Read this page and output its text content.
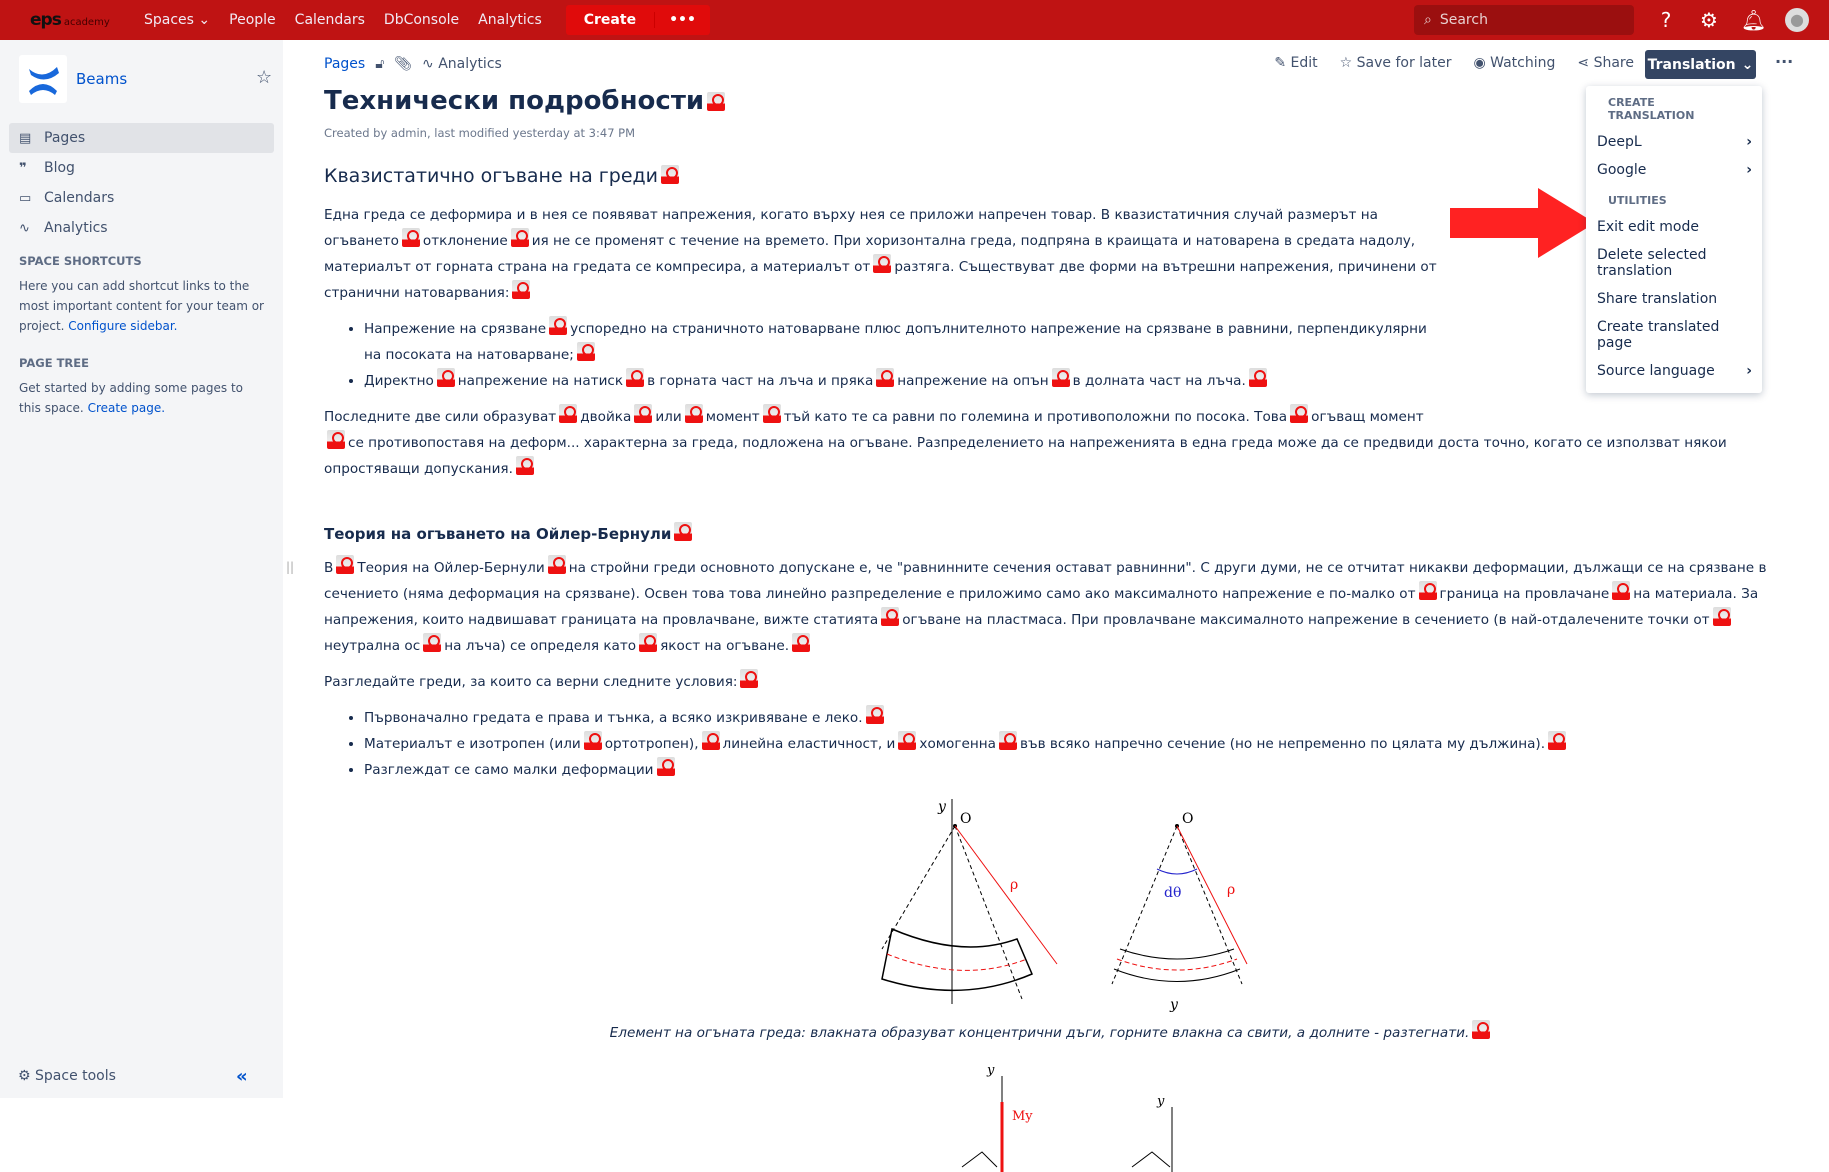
eps academy Spaces ⌄ People Calendars DbConsole Analytics	Create	•••	⌕ Search	?	⚙ 🔔︎	●
Beams	☆
▤ Pages
❞	Blog
▭ Calendars
∿	Analytics
SPACE SHORTCUTS
Here you can add shortcut links to the most important content for your team or project. Configure sidebar.
PAGE TREE
Get started by adding some pages to this space. Create page.
⚙ Space tools	«
||
Pages 🔓︎ 📎︎ ∿ Analytics	✎ Edit ☆ Save for later ◉ Watching ⋖ Share Translation ⌄ ···
Технически подробности
Created by admin, last modified yesterday at 3:47 PM
Квазистатично огъване на греди

Една греда се деформира и в нея се появяват напрежения, когато върху нея се приложи напречен товар. В квазистатичния случай размерът на огъването отклонение ия не се променят с течение на времето. При хоризонтална греда, подпряна в краищата и натоварена в средата надолу, материалът от горната страна на гредата се компресира, а материалът от разтяга. Съществуват две форми на вътрешни напрежения, причинени от странични натоварвания:

• Напрежение на срязване успоредно на страничното натоварване плюс допълнителното напрежение на срязване в равнини, перпендикулярни на посоката на натоварване;
• Директно напрежение на натиск в горната част на лъча и пряка напрежение на опън в долната част на лъча.

Последните две сили образуват двойка или момент тъй като те са равни по големина и противоположни по посока. Това огъващ моментсе противопоставя на деформ... характерна за греда, подложена на огъване. Разпределението на напреженията в една греда може да се предвиди доста точно, когато се използват някои опростяващи допускания.

Теория на огъването на Ойлер-Бернули

В Теория на Ойлер-Бернули на стройни греди основното допускане е, че "равнинните сечения остават равнинни". С други думи, не се отчитат никакви деформации, дължащи се на срязване в сечението (няма деформация на срязване). Освен това това линейно разпределение е приложимо само ако максималното напрежение е по-малко от граница на провлачане на материала. За напрежения, които надвишават границата на провлачване, вижте статията огъване на пластмаса. При провлачване максималното напрежение в сечението (в най-отдалечените точки отнеутрална ос на лъча) се определя като якост на огъване.

Разгледайте греди, за които са верни следните условия:

• Първоначално гредата е права и тънка, а всяко изкривяване е леко.
• Материалът е изотропен (или ортотропен), линейна еластичност, и хомогенна във всяко напречно сечение (но не непременно по цялата му дължина).
• Разглеждат се само малки деформации
y
O
ρ
O
ρ
dθ
y
Елемент на огъната греда: влакната образуват концентрични дъги, горните влакна са свити, а долните - разтегнати.
y
My
y
CREATE TRANSLATION
DeepL	›
Google	›
UTILITIES
Exit edit mode
Delete selected translation
Share translation
Create translated page
Source language ›
